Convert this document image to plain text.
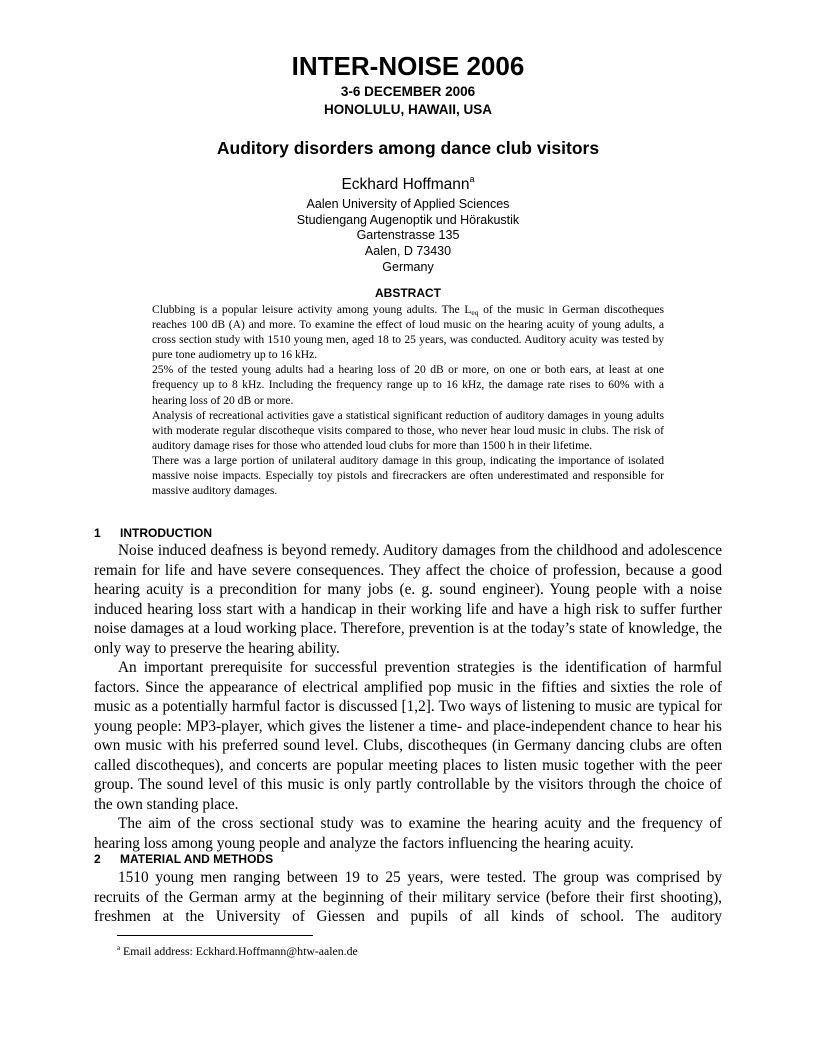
INTER-NOISE 2006
3-6 DECEMBER 2006
HONOLULU, HAWAII, USA
Auditory disorders among dance club visitors
Eckhard Hoffmann$^a$
Aalen University of Applied Sciences
Studiengang Augenoptik und Hörakustik
Gartenstrasse 135
Aalen, D 73430
Germany
ABSTRACT

Clubbing is a popular leisure activity among young adults. The $L_{eq}$ of the music in German discotheques reaches 100 dB (A) and more. To examine the effect of loud music on the hearing acuity of young adults, a cross section study with 1510 young men, aged 18 to 25 years, was conducted. Auditory acuity was tested by pure tone audiometry up to 16 kHz.

25% of the tested young adults had a hearing loss of 20 dB or more, on one or both ears, at least at one frequency up to 8 kHz. Including the frequency range up to 16 kHz, the damage rate rises to 60% with a hearing loss of 20 dB or more.

Analysis of recreational activities gave a statistical significant reduction of auditory damages in young adults with moderate regular discotheque visits compared to those, who never hear loud music in clubs. The risk of auditory damage rises for those who attended loud clubs for more than 1500 h in their lifetime.

There was a large portion of unilateral auditory damage in this group, indicating the importance of isolated massive noise impacts. Especially toy pistols and firecrackers are often underestimated and responsible for massive auditory damages.

1 INTRODUCTION

Noise induced deafness is beyond remedy. Auditory damages from the childhood and adolescence remain for life and have severe consequences. They affect the choice of profession, because a good hearing acuity is a precondition for many jobs (e. g. sound engineer). Young people with a noise induced hearing loss start with a handicap in their working life and have a high risk to suffer further noise damages at a loud working place. Therefore, prevention is at the today’s state of knowledge, the only way to preserve the hearing ability.

An important prerequisite for successful prevention strategies is the identification of harmful factors. Since the appearance of electrical amplified pop music in the fifties and sixties the role of music as a potentially harmful factor is discussed [1,2]. Two ways of listening to music are typical for young people: MP3-player, which gives the listener a time- and place-independent chance to hear his own music with his preferred sound level. Clubs, discotheques (in Germany dancing clubs are often called discotheques), and concerts are popular meeting places to listen music together with the peer group. The sound level of this music is only partly controllable by the visitors through the choice of the own standing place.

The aim of the cross sectional study was to examine the hearing acuity and the frequency of hearing loss among young people and analyze the factors influencing the hearing acuity.

2 MATERIAL AND METHODS

1510 young men ranging between 19 to 25 years, were tested. The group was comprised by recruits of the German army at the beginning of their military service (before their first shooting), freshmen at the University of Giessen and pupils of all kinds of school. The auditory

$^a$ Email address: Eckhard.Hoffmann@htw-aalen.de
